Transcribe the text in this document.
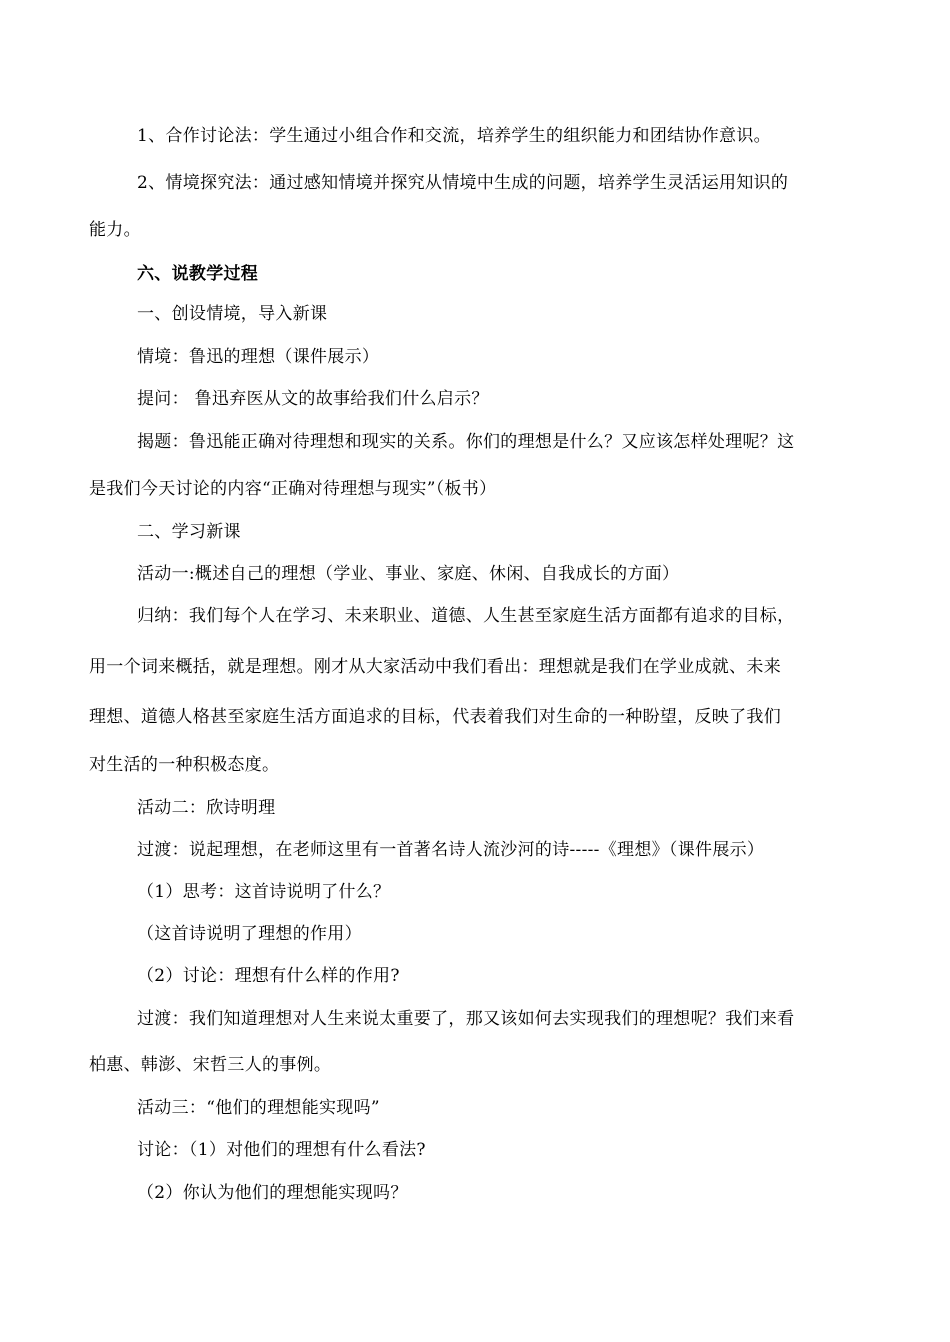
1、合作讨论法：学生通过小组合作和交流，培养学生的组织能力和团结协作意识。
2、情境探究法：通过感知情境并探究从情境中生成的问题，培养学生灵活运用知识的
能力。
六、说教学过程
一、创设情境，导入新课
情境：鲁迅的理想（课件展示）
提问： 鲁迅弃医从文的故事给我们什么启示？
揭题：鲁迅能正确对待理想和现实的关系。你们的理想是什么？又应该怎样处理呢？这
是我们今天讨论的内容“正确对待理想与现实”（板书）
二、学习新课
活动一:概述自己的理想（学业、事业、家庭、休闲、自我成长的方面）
归纳：我们每个人在学习、未来职业、道德、人生甚至家庭生活方面都有追求的目标，
用一个词来概括，就是理想。刚才从大家活动中我们看出：理想就是我们在学业成就、未来
理想、道德人格甚至家庭生活方面追求的目标，代表着我们对生命的一种盼望，反映了我们
对生活的一种积极态度。
活动二：欣诗明理
过渡：说起理想，在老师这里有一首著名诗人流沙河的诗-----《理想》（课件展示）
（1）思考：这首诗说明了什么？
（这首诗说明了理想的作用）
（2）讨论：理想有什么样的作用?
过渡：我们知道理想对人生来说太重要了，那又该如何去实现我们的理想呢？我们来看
柏惠、韩澎、宋哲三人的事例。
活动三：“他们的理想能实现吗”
讨论：（1）对他们的理想有什么看法?
（2）你认为他们的理想能实现吗？
